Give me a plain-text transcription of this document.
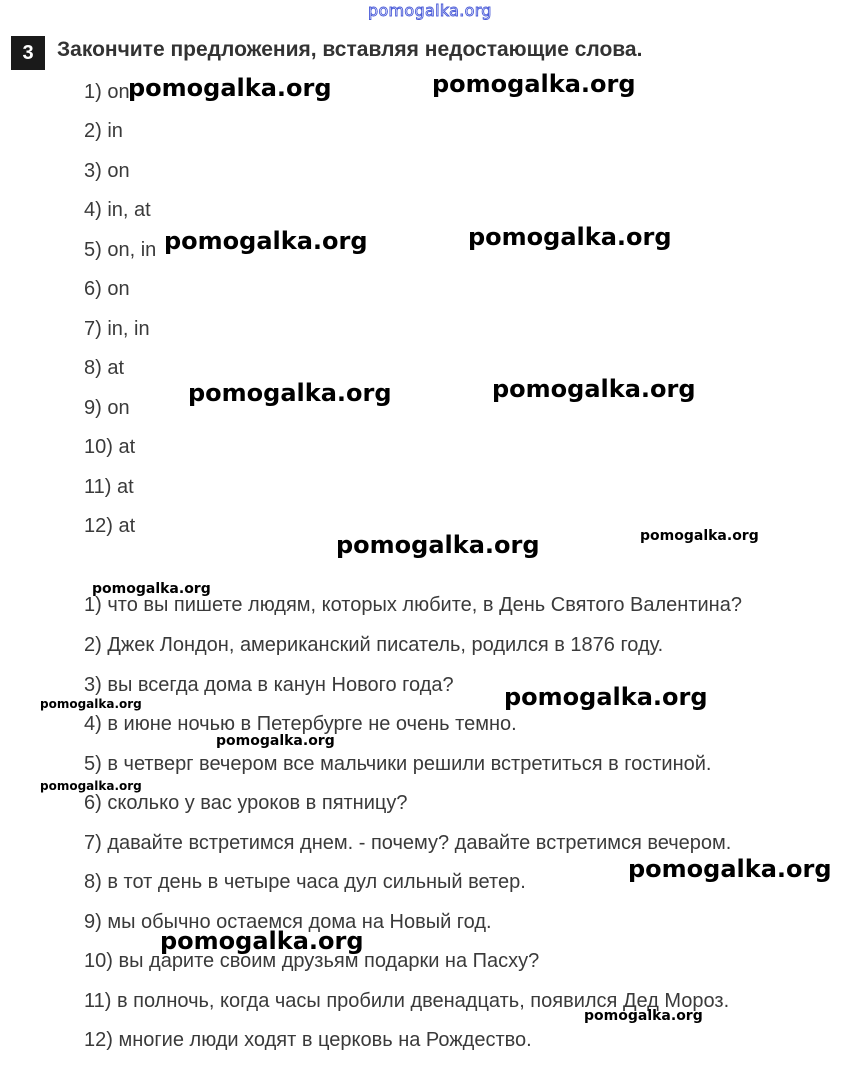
pomogalka.org
3	Закончите предложения, вставляя недостающие слова.
1) on
2) in
3) on
4) in, at
5) on, in
6) on
7) in, in
8) at
9) on
10) at
11) at
12) at
1) что вы пишете людям, которых любите, в День Святого Валентина?
2) Джек Лондон, американский писатель, родился в 1876 году.
3) вы всегда дома в канун Нового года?
4) в июне ночью в Петербурге не очень темно.
5) в четверг вечером все мальчики решили встретиться в гостиной.
6) сколько у вас уроков в пятницу?
7) давайте встретимся днем. - почему? давайте встретимся вечером.
8) в тот день в четыре часа дул сильный ветер.
9) мы обычно остаемся дома на Новый год.
10) вы дарите своим друзьям подарки на Пасху?
11) в полночь, когда часы пробили двенадцать, появился Дед Мороз.
12) многие люди ходят в церковь на Рождество.
pomogalka.org	pomogalka.org
pomogalka.org	pomogalka.org
pomogalka.org	pomogalka.org
pomogalka.org	pomogalka.org
pomogalka.org
pomogalka.org
pomogalka.org
pomogalka.org
pomogalka.org
pomogalka.org
pomogalka.org
pomogalka.org
